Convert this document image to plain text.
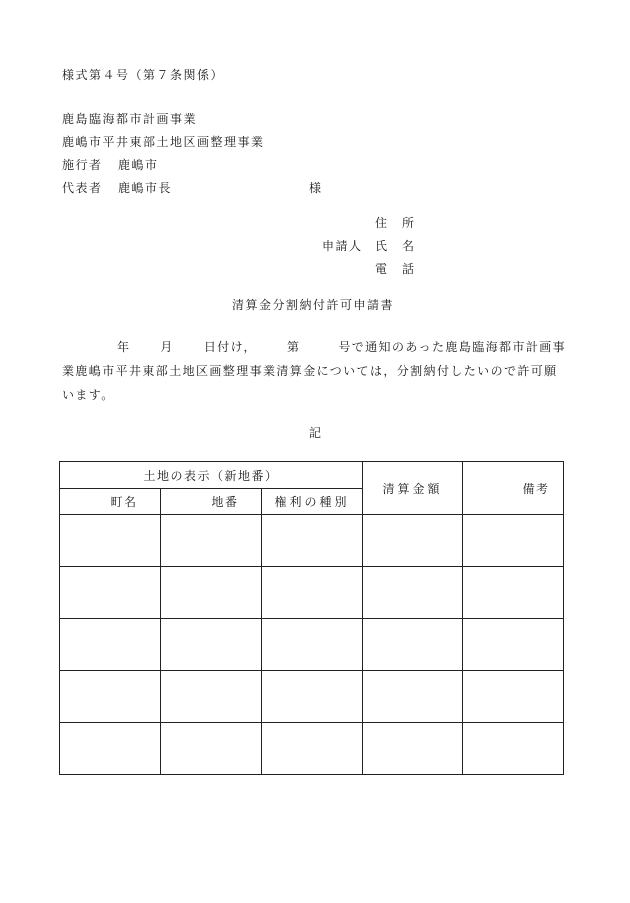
様式第４号（第７条関係）
鹿島臨海都市計画事業
鹿嶋市平井東部土地区画整理事業
施行者 鹿嶋市
代表者 鹿嶋市長	様
住　所
申請人 氏　名
電　話
清算金分割納付許可申請書
年	月	日付け，	第	号で通知のあった鹿島臨海都市計画事
業鹿嶋市平井東部土地区画整理事業清算金については，分割納付したいので許可願
います。
記
土地の表示（新地番）			清算金額	備考
町名	地番	権利の種別		
